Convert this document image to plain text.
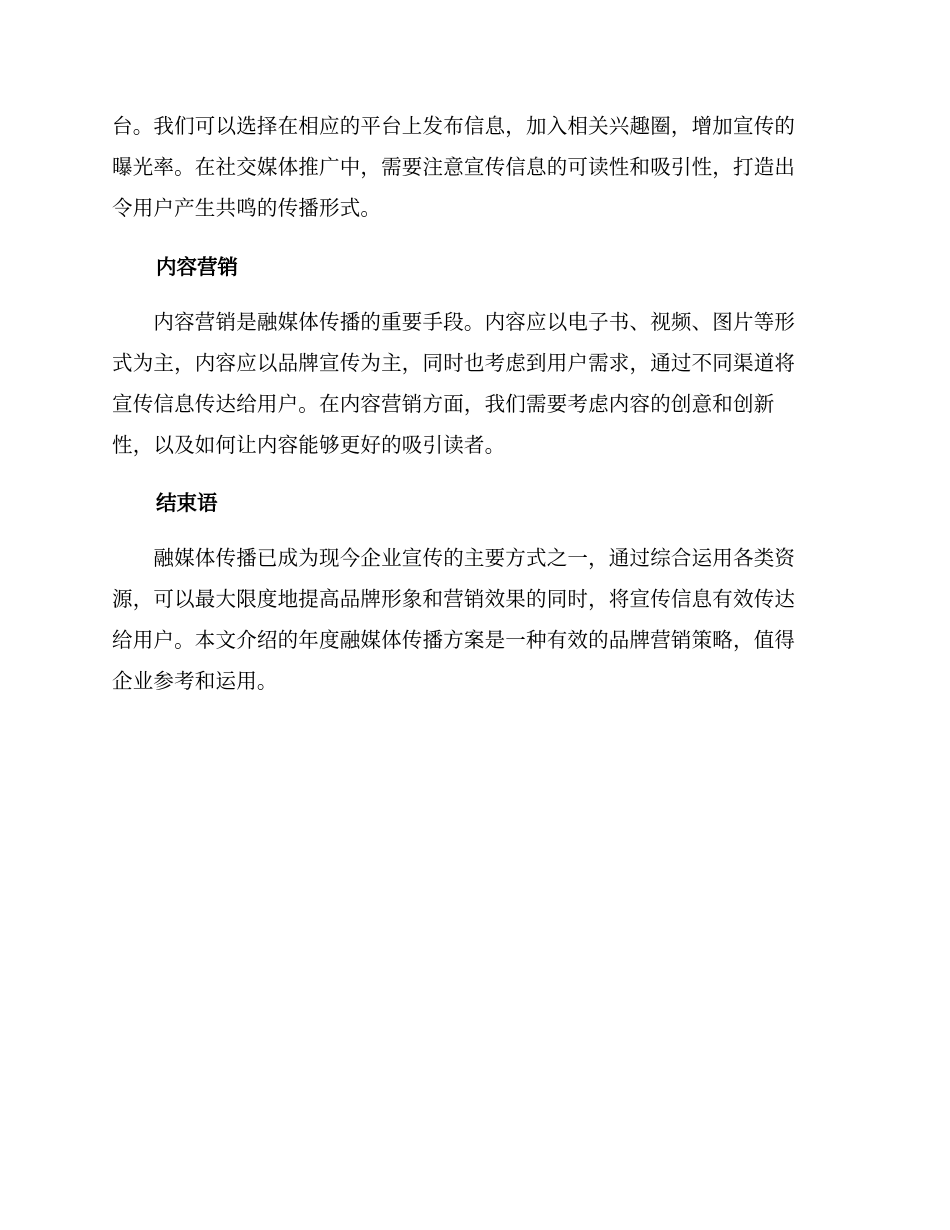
台。我们可以选择在相应的平台上发布信息，加入相关兴趣圈，增加宣传的
曝光率。在社交媒体推广中，需要注意宣传信息的可读性和吸引性，打造出
令用户产生共鸣的传播形式。
内容营销
　　内容营销是融媒体传播的重要手段。内容应以电子书、视频、图片等形
式为主，内容应以品牌宣传为主，同时也考虑到用户需求，通过不同渠道将
宣传信息传达给用户。在内容营销方面，我们需要考虑内容的创意和创新
性，以及如何让内容能够更好的吸引读者。
结束语
　　融媒体传播已成为现今企业宣传的主要方式之一，通过综合运用各类资
源，可以最大限度地提高品牌形象和营销效果的同时，将宣传信息有效传达
给用户。本文介绍的年度融媒体传播方案是一种有效的品牌营销策略，值得
企业参考和运用。
